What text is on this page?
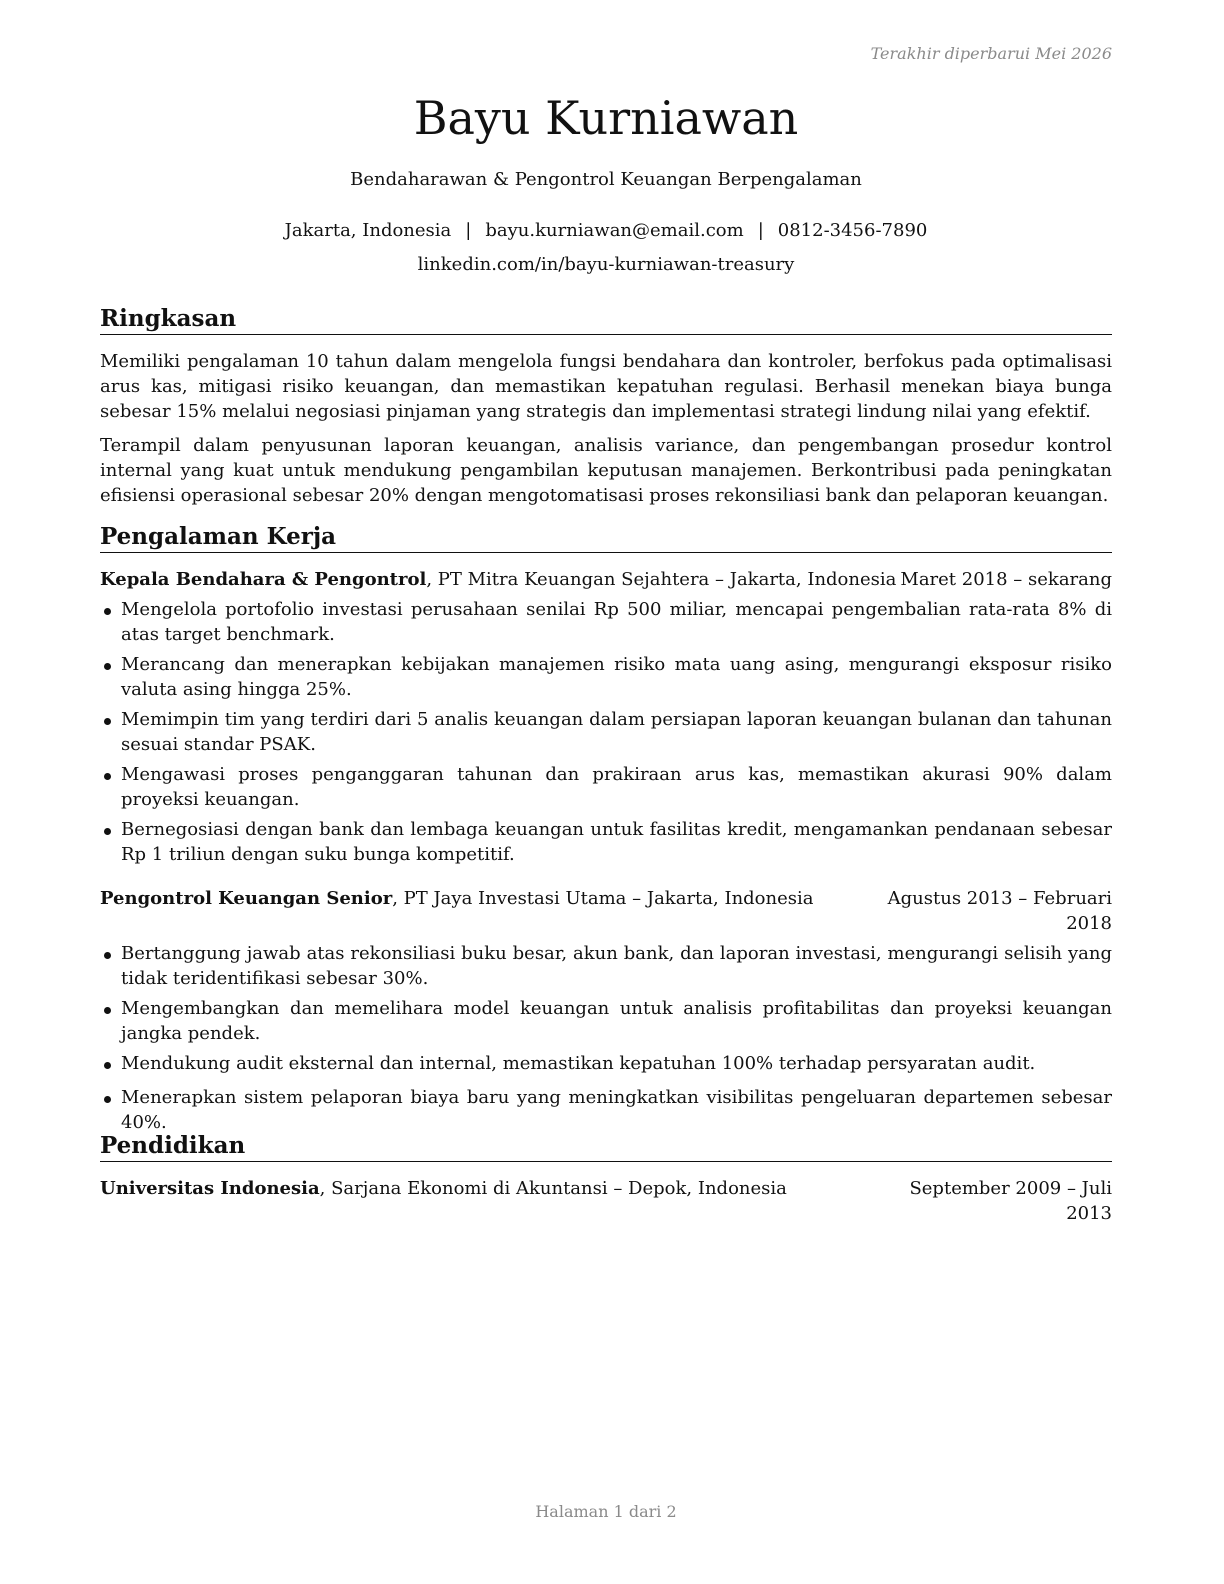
Terakhir diperbarui Mei 2026
Bayu Kurniawan
Bendaharawan & Pengontrol Keuangan Berpengalaman
Jakarta, Indonesia | bayu.kurniawan@email.com | 0812-3456-7890
linkedin.com/in/bayu-kurniawan-treasury
Ringkasan

Memiliki pengalaman 10 tahun dalam mengelola fungsi bendahara dan kontroler, berfokus pada optimalisasi arus kas, mitigasi risiko keuangan, dan memastikan kepatuhan regulasi. Berhasil menekan biaya bunga sebesar 15% melalui negosiasi pinjaman yang strategis dan implementasi strategi lindung nilai yang efektif.

Terampil dalam penyusunan laporan keuangan, analisis variance, dan pengembangan prosedur kontrol internal yang kuat untuk mendukung pengambilan keputusan manajemen. Berkontribusi pada peningkatan efisiensi operasional sebesar 20% dengan mengotomatisasi proses rekonsiliasi bank dan pelaporan keuangan.

Pengalaman Kerja
Kepala Bendahara & Pengontrol, PT Mitra Keuangan Sejahtera – Jakarta, Indonesia Maret 2018 – sekarang
Mengelola portofolio investasi perusahaan senilai Rp 500 miliar, mencapai pengembalian rata-rata 8% di atas target benchmark.
Merancang dan menerapkan kebijakan manajemen risiko mata uang asing, mengurangi eksposur risiko valuta asing hingga 25%.
Memimpin tim yang terdiri dari 5 analis keuangan dalam persiapan laporan keuangan bulanan dan tahunan sesuai standar PSAK.
Mengawasi proses penganggaran tahunan dan prakiraan arus kas, memastikan akurasi 90% dalam proyeksi keuangan.
Bernegosiasi dengan bank dan lembaga keuangan untuk fasilitas kredit, mengamankan pendanaan sebesar Rp 1 triliun dengan suku bunga kompetitif.
Pengontrol Keuangan Senior, PT Jaya Investasi Utama – Jakarta, Indonesia	Agustus 2013 – Februari
2018
Bertanggung jawab atas rekonsiliasi buku besar, akun bank, dan laporan investasi, mengurangi selisih yang tidak teridentifikasi sebesar 30%.
Mengembangkan dan memelihara model keuangan untuk analisis profitabilitas dan proyeksi keuangan jangka pendek.
Mendukung audit eksternal dan internal, memastikan kepatuhan 100% terhadap persyaratan audit.
Menerapkan sistem pelaporan biaya baru yang meningkatkan visibilitas pengeluaran departemen sebesar 40%.
Pendidikan
Universitas Indonesia, Sarjana Ekonomi di Akuntansi – Depok, Indonesia	September 2009 – Juli
2013
Halaman 1 dari 2
